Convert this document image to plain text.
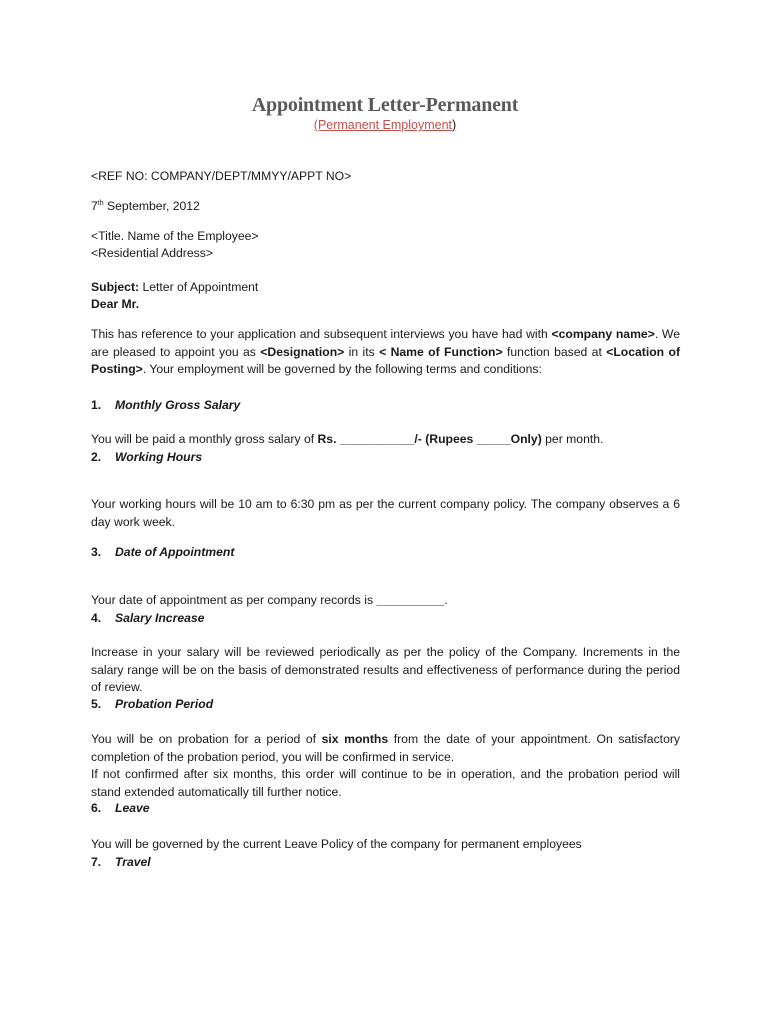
Appointment Letter-Permanent
(Permanent Employment)
<REF NO: COMPANY/DEPT/MMYY/APPT NO>
7th September, 2012
<Title. Name of the Employee>
<Residential Address>
Subject: Letter of Appointment
Dear Mr.
This has reference to your application and subsequent interviews you have had with <company name>. We are pleased to appoint you as <Designation> in its < Name of Function> function based at <Location of Posting>. Your employment will be governed by the following terms and conditions:
1. Monthly Gross Salary
You will be paid a monthly gross salary of Rs. ___________/- (Rupees _____Only) per month.
2. Working Hours
Your working hours will be 10 am to 6:30 pm as per the current company policy. The company observes a 6 day work week.
3. Date of Appointment
Your date of appointment as per company records is __________.
4. Salary Increase
Increase in your salary will be reviewed periodically as per the policy of the Company. Increments in the salary range will be on the basis of demonstrated results and effectiveness of performance during the period of review.
5. Probation Period
You will be on probation for a period of six months from the date of your appointment. On satisfactory completion of the probation period, you will be confirmed in service.
If not confirmed after six months, this order will continue to be in operation, and the probation period will stand extended automatically till further notice.
6. Leave
You will be governed by the current Leave Policy of the company for permanent employees
7. Travel
